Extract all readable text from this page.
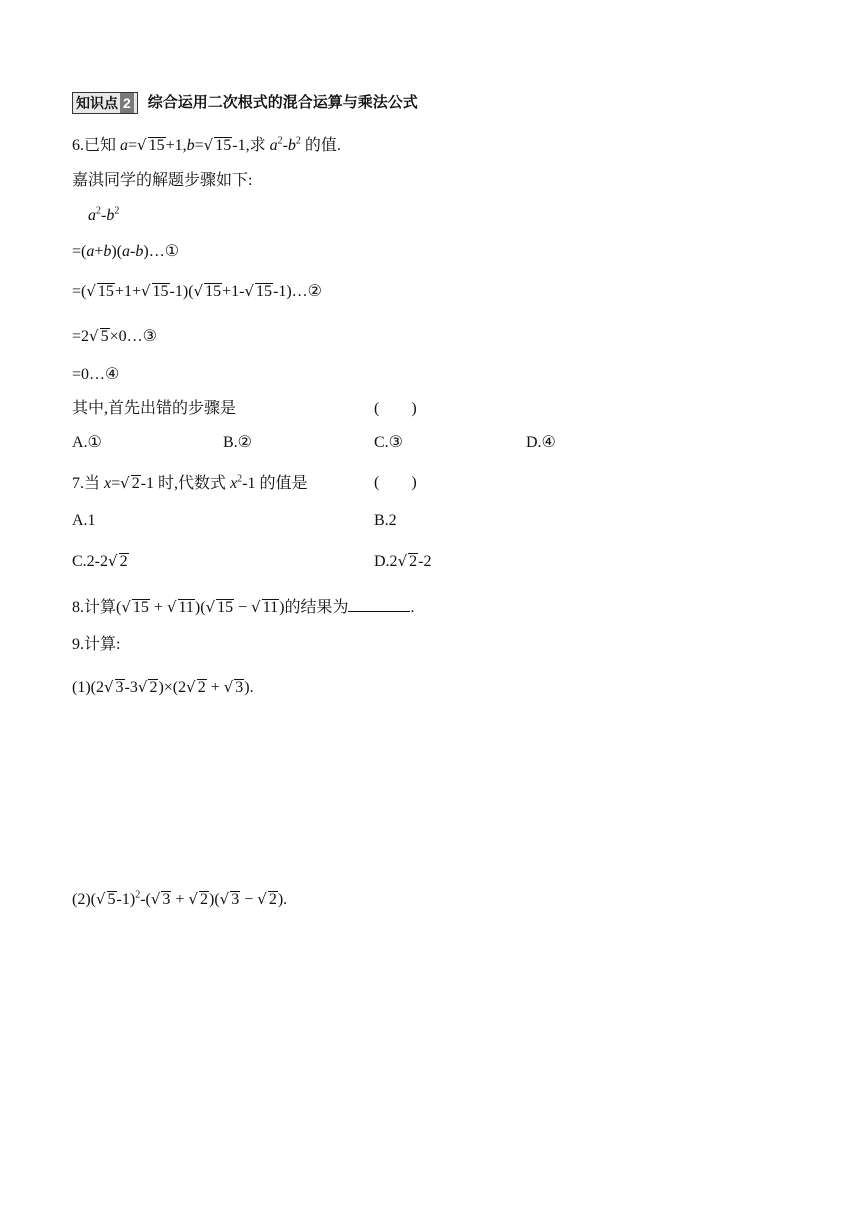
知识点 2 综合运用二次根式的混合运算与乘法公式
6.已知 a=√ 15+1,b=√ 15-1,求 $a^2-b^2$ 的值.
嘉淇同学的解题步骤如下:
$a^2-b^2$
=(a+b)(a-b)…①
=(√ 15+1+√ 15-1)(√ 15+1-√ 15-1)…②
=2√ 5×0…③
=0…④
其中,首先出错的步骤是	(　　)
A.①	B.②	C.③	D.④
7.当 x=√ 2-1 时,代数式 $x^2-1$ 的值是	(　　)
A.1	B.2
C.2-2√ 2	D.2√ 2-2
8.计算(√ 15 + √ 11)(√ 15 − √ 11)的结果为	.
9.计算:
(1)(2√ 3-3√ 2)×(2√ 2 + √ 3).
(2)(√ 5-1)$^2$-(√ 3 + √ 2)(√ 3 − √ 2).
